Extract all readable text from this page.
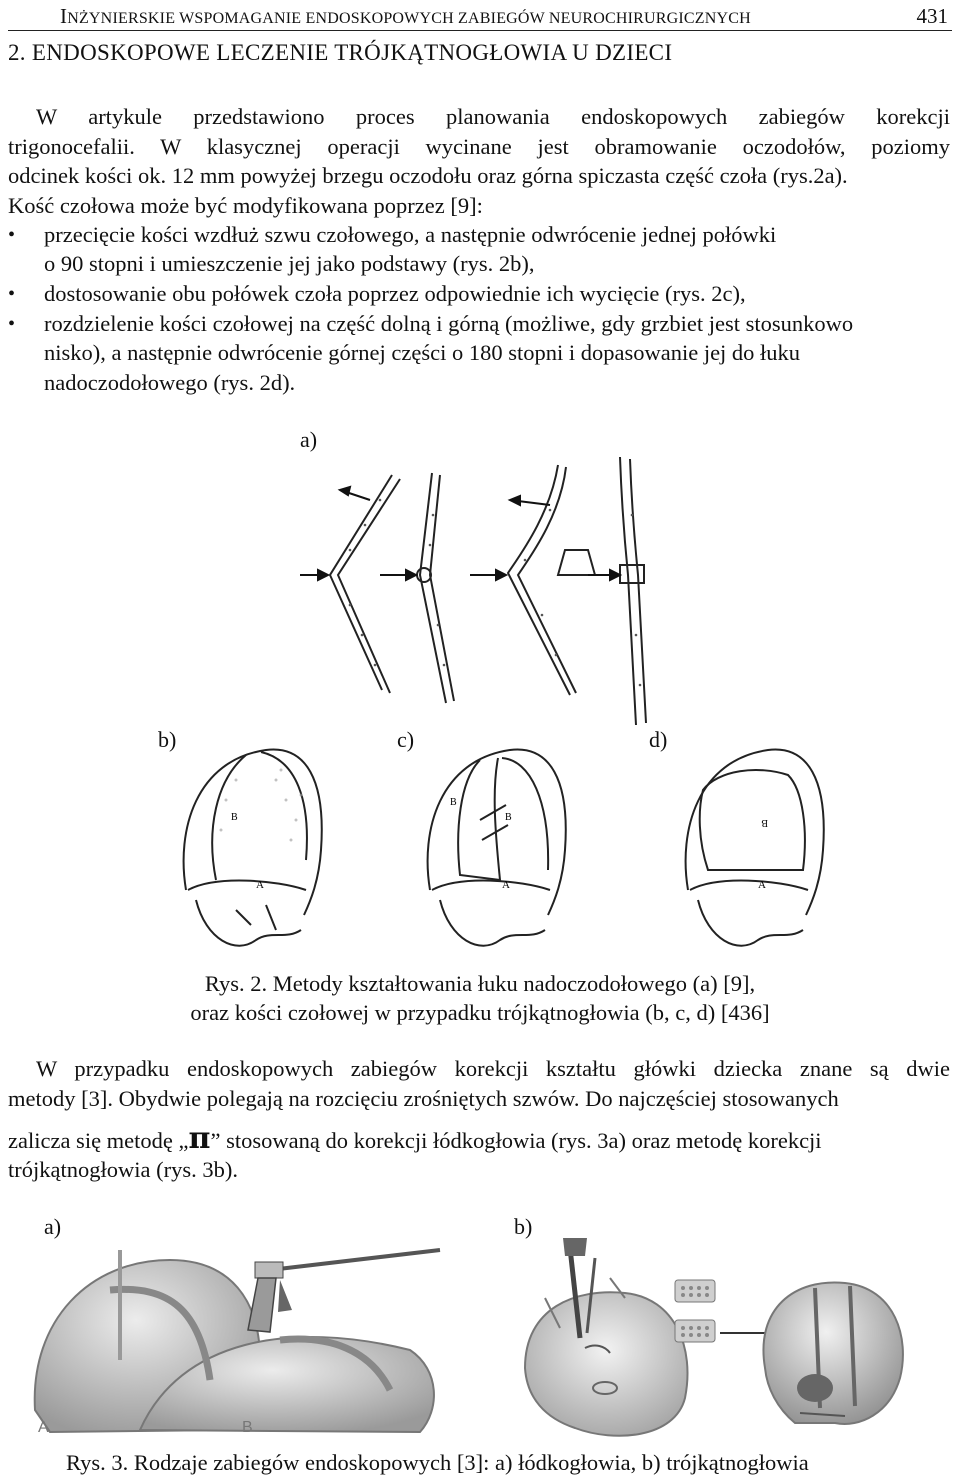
INŻYNIERSKIE WSPOMAGANIE ENDOSKOPOWYCH ZABIEGÓW NEUROCHIRURGICZNYCH	431
2. ENDOSKOPOWE LECZENIE TRÓJKĄTNOGŁOWIA U DZIECI
W artykule przedstawiono proces planowania endoskopowych zabiegów korekcji
trigonocefalii. W klasycznej operacji wycinane jest obramowanie oczodołów, poziomy
odcinek kości ok. 12 mm powyżej brzegu oczodołu oraz górna spiczasta część czoła (rys.2a).
Kość czołowa może być modyfikowana poprzez [9]:
• przecięcie kości wzdłuż szwu czołowego, a następnie odwrócenie jednej połówki
o 90 stopni i umieszczenie jej jako podstawy (rys. 2b),
• dostosowanie obu połówek czoła poprzez odpowiednie ich wycięcie (rys. 2c),
• rozdzielenie kości czołowej na część dolną i górną (możliwe, gdy grzbiet jest stosunkowo
nisko), a następnie odwrócenie górnej części o 180 stopni i dopasowanie jej do łuku
nadoczodołowego (rys. 2d).
a)
b)	c)	d)
B
A
B
B
A
B
A
Rys. 2. Metody kształtowania łuku nadoczodołowego (a) [9],
oraz kości czołowej w przypadku trójkątnogłowia (b, c, d) [436]
W przypadku endoskopowych zabiegów korekcji kształtu główki dziecka znane są dwie
metody [3]. Obydwie polegają na rozcięciu zrośniętych szwów. Do najczęściej stosowanych
zalicza się metodę „π” stosowaną do korekcji łódkogłowia (rys. 3a) oraz metodę korekcji
trójkątnogłowia (rys. 3b).
a)	b)
A	B
Rys. 3. Rodzaje zabiegów endoskopowych [3]: a) łódkogłowia, b) trójkątnogłowia
